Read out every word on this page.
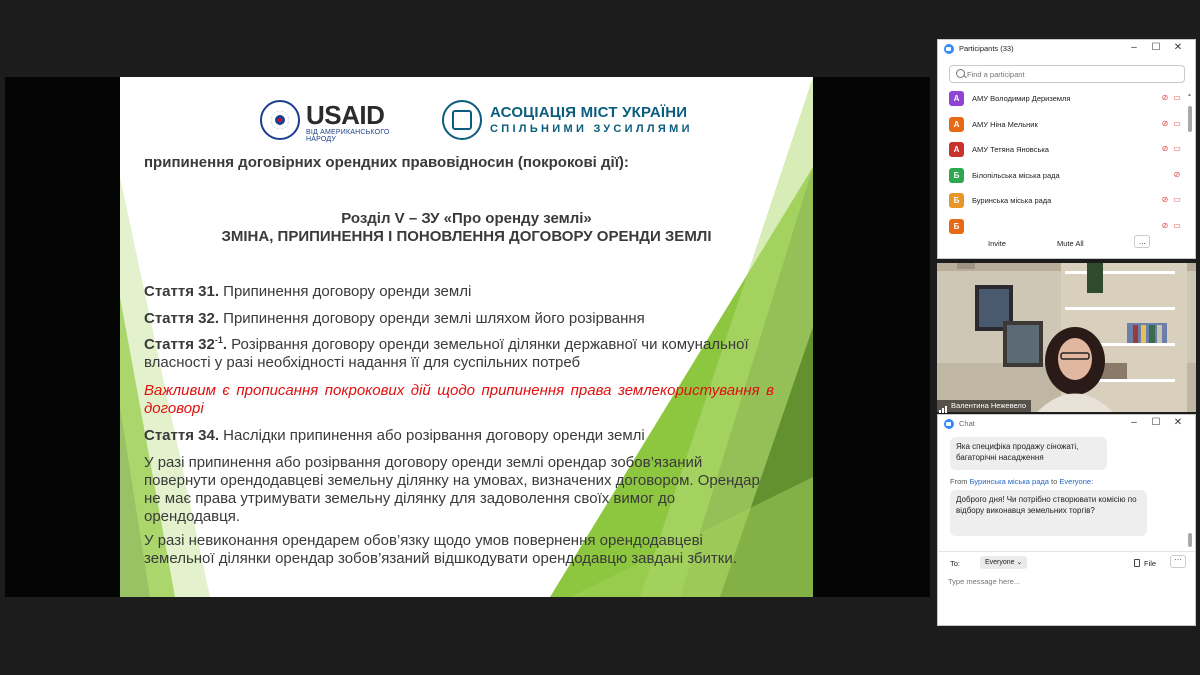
USAID
ВІД АМЕРИКАНСЬКОГО НАРОДУ
АСОЦІАЦІЯ МІСТ УКРАЇНИ
СПІЛЬНИМИ ЗУСИЛЛЯМИ
припинення договірних орендних правовідносин (покрокові дії):
Розділ V – ЗУ «Про оренду землі»
ЗМІНА, ПРИПИНЕННЯ І ПОНОВЛЕННЯ ДОГОВОРУ ОРЕНДИ ЗЕМЛІ
Стаття 31. Припинення договору оренди землі
Стаття 32. Припинення договору оренди землі шляхом його розірвання
Стаття $32^{-1}$. Розірвання договору оренди земельної ділянки державної чи комунальної власності у разі необхідності надання її для суспільних потреб
Важливим є прописання покрокових дій щодо припинення права землекористування в договорі
Стаття 34. Наслідки припинення або розірвання договору оренди землі
У разі припинення або розірвання договору оренди землі орендар зобов’язаний повернути орендодавцеві земельну ділянку на умовах, визначених договором. Орендар не має права утримувати земельну ділянку для задоволення своїх вимог до орендодавця.
У разі невиконання орендарем обов’язку щодо умов повернення орендодавцеві земельної ділянки орендар зобов’язаний відшкодувати орендодавцю завдані збитки.
Participants (33)	– ☐ ✕
Find a participant
А	АМУ Володимир Дериземля	⊘ ▭
А	АМУ Ніна Мельник	⊘ ▭
А	АМУ Тетяна Яновська	⊘ ▭
Б	Білопільська міська рада	⊘
Б	Буринська міська рада	⊘ ▭
Б	⊘ ▭
▲
Invite	Mute All	...
Валентина Нежевело
Chat	– ☐ ✕
Яка специфіка продажу сіножаті, багаторічні насадження
From Буринська міська рада to Everyone:
Доброго дня! Чи потрібно створювати комісію по відбору виконавця земельних торгів?
To:	Everyone ⌄	File	···
Type message here...
